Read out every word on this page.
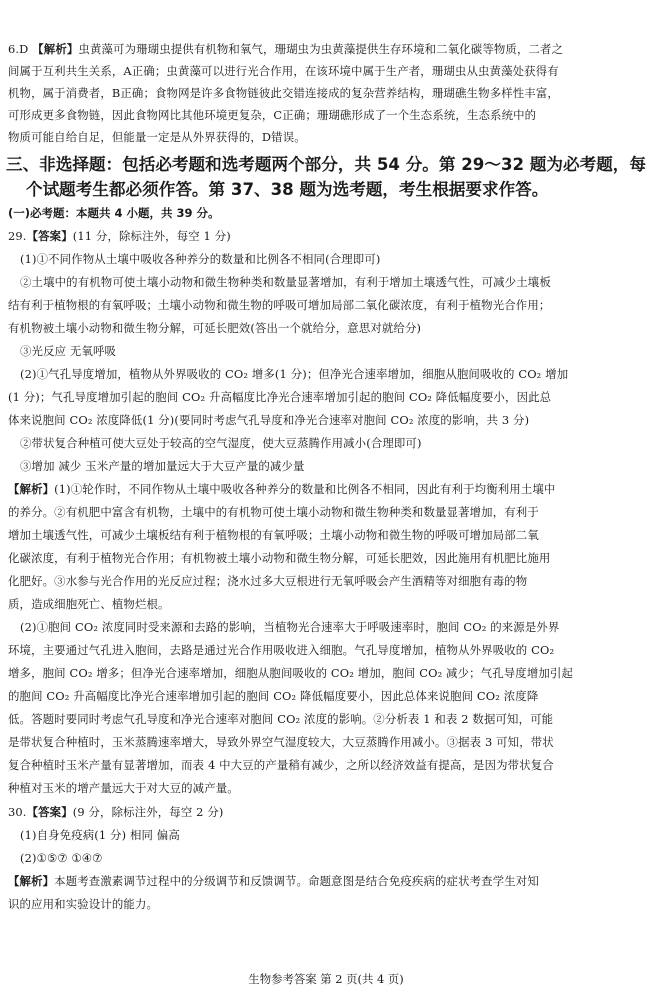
6.D 【解析】虫黄藻可为珊瑚虫提供有机物和氧气，珊瑚虫为虫黄藻提供生存环境和二氧化碳等物质，二者之
间属于互利共生关系，A正确；虫黄藻可以进行光合作用，在该环境中属于生产者，珊瑚虫从虫黄藻处获得有
机物，属于消费者，B正确；食物网是许多食物链彼此交错连接成的复杂营养结构，珊瑚礁生物多样性丰富，
可形成更多食物链，因此食物网比其他环境更复杂，C正确；珊瑚礁形成了一个生态系统，生态系统中的
物质可能自给自足，但能量一定是从外界获得的，D错误。
三、非选择题：包括必考题和选考题两个部分，共 54 分。第 29～32 题为必考题，每
个试题考生都必须作答。第 37、38 题为选考题，考生根据要求作答。
(一)必考题：本题共 4 小题，共 39 分。
29.【答案】(11 分，除标注外，每空 1 分)
(1)①不同作物从土壤中吸收各种养分的数量和比例各不相同(合理即可)
②土壤中的有机物可使土壤小动物和微生物种类和数量显著增加，有利于增加土壤透气性，可减少土壤板
结有利于植物根的有氧呼吸；土壤小动物和微生物的呼吸可增加局部二氧化碳浓度，有利于植物光合作用；
有机物被土壤小动物和微生物分解，可延长肥效(答出一个就给分，意思对就给分)
③光反应 无氧呼吸
(2)①气孔导度增加，植物从外界吸收的 CO₂ 增多(1 分)；但净光合速率增加，细胞从胞间吸收的 CO₂ 增加
(1 分)；气孔导度增加引起的胞间 CO₂ 升高幅度比净光合速率增加引起的胞间 CO₂ 降低幅度要小，因此总
体来说胞间 CO₂ 浓度降低(1 分)(要同时考虑气孔导度和净光合速率对胞间 CO₂ 浓度的影响，共 3 分)
②带状复合种植可使大豆处于较高的空气湿度，使大豆蒸腾作用减小(合理即可)
③增加 减少 玉米产量的增加量远大于大豆产量的减少量
【解析】(1)①轮作时，不同作物从土壤中吸收各种养分的数量和比例各不相同，因此有利于均衡利用土壤中
的养分。②有机肥中富含有机物，土壤中的有机物可使土壤小动物和微生物种类和数量显著增加，有利于
增加土壤透气性，可减少土壤板结有利于植物根的有氧呼吸；土壤小动物和微生物的呼吸可增加局部二氧
化碳浓度，有利于植物光合作用；有机物被土壤小动物和微生物分解，可延长肥效，因此施用有机肥比施用
化肥好。③水参与光合作用的光反应过程；浇水过多大豆根进行无氧呼吸会产生酒精等对细胞有毒的物
质，造成细胞死亡、植物烂根。
(2)①胞间 CO₂ 浓度同时受来源和去路的影响，当植物光合速率大于呼吸速率时，胞间 CO₂ 的来源是外界
环境，主要通过气孔进入胞间，去路是通过光合作用吸收进入细胞。气孔导度增加，植物从外界吸收的 CO₂
增多，胞间 CO₂ 增多；但净光合速率增加，细胞从胞间吸收的 CO₂ 增加，胞间 CO₂ 减少；气孔导度增加引起
的胞间 CO₂ 升高幅度比净光合速率增加引起的胞间 CO₂ 降低幅度要小，因此总体来说胞间 CO₂ 浓度降
低。答题时要同时考虑气孔导度和净光合速率对胞间 CO₂ 浓度的影响。②分析表 1 和表 2 数据可知，可能
是带状复合种植时，玉米蒸腾速率增大，导致外界空气湿度较大，大豆蒸腾作用减小。③据表 3 可知，带状
复合种植时玉米产量有显著增加，而表 4 中大豆的产量稍有减少，之所以经济效益有提高，是因为带状复合
种植对玉米的增产量远大于对大豆的减产量。
30.【答案】(9 分，除标注外，每空 2 分)
(1)自身免疫病(1 分) 相同 偏高
(2)①⑤⑦ ①④⑦
【解析】本题考查激素调节过程中的分级调节和反馈调节。命题意图是结合免疫疾病的症状考查学生对知
识的应用和实验设计的能力。
生物参考答案 第 2 页(共 4 页)
